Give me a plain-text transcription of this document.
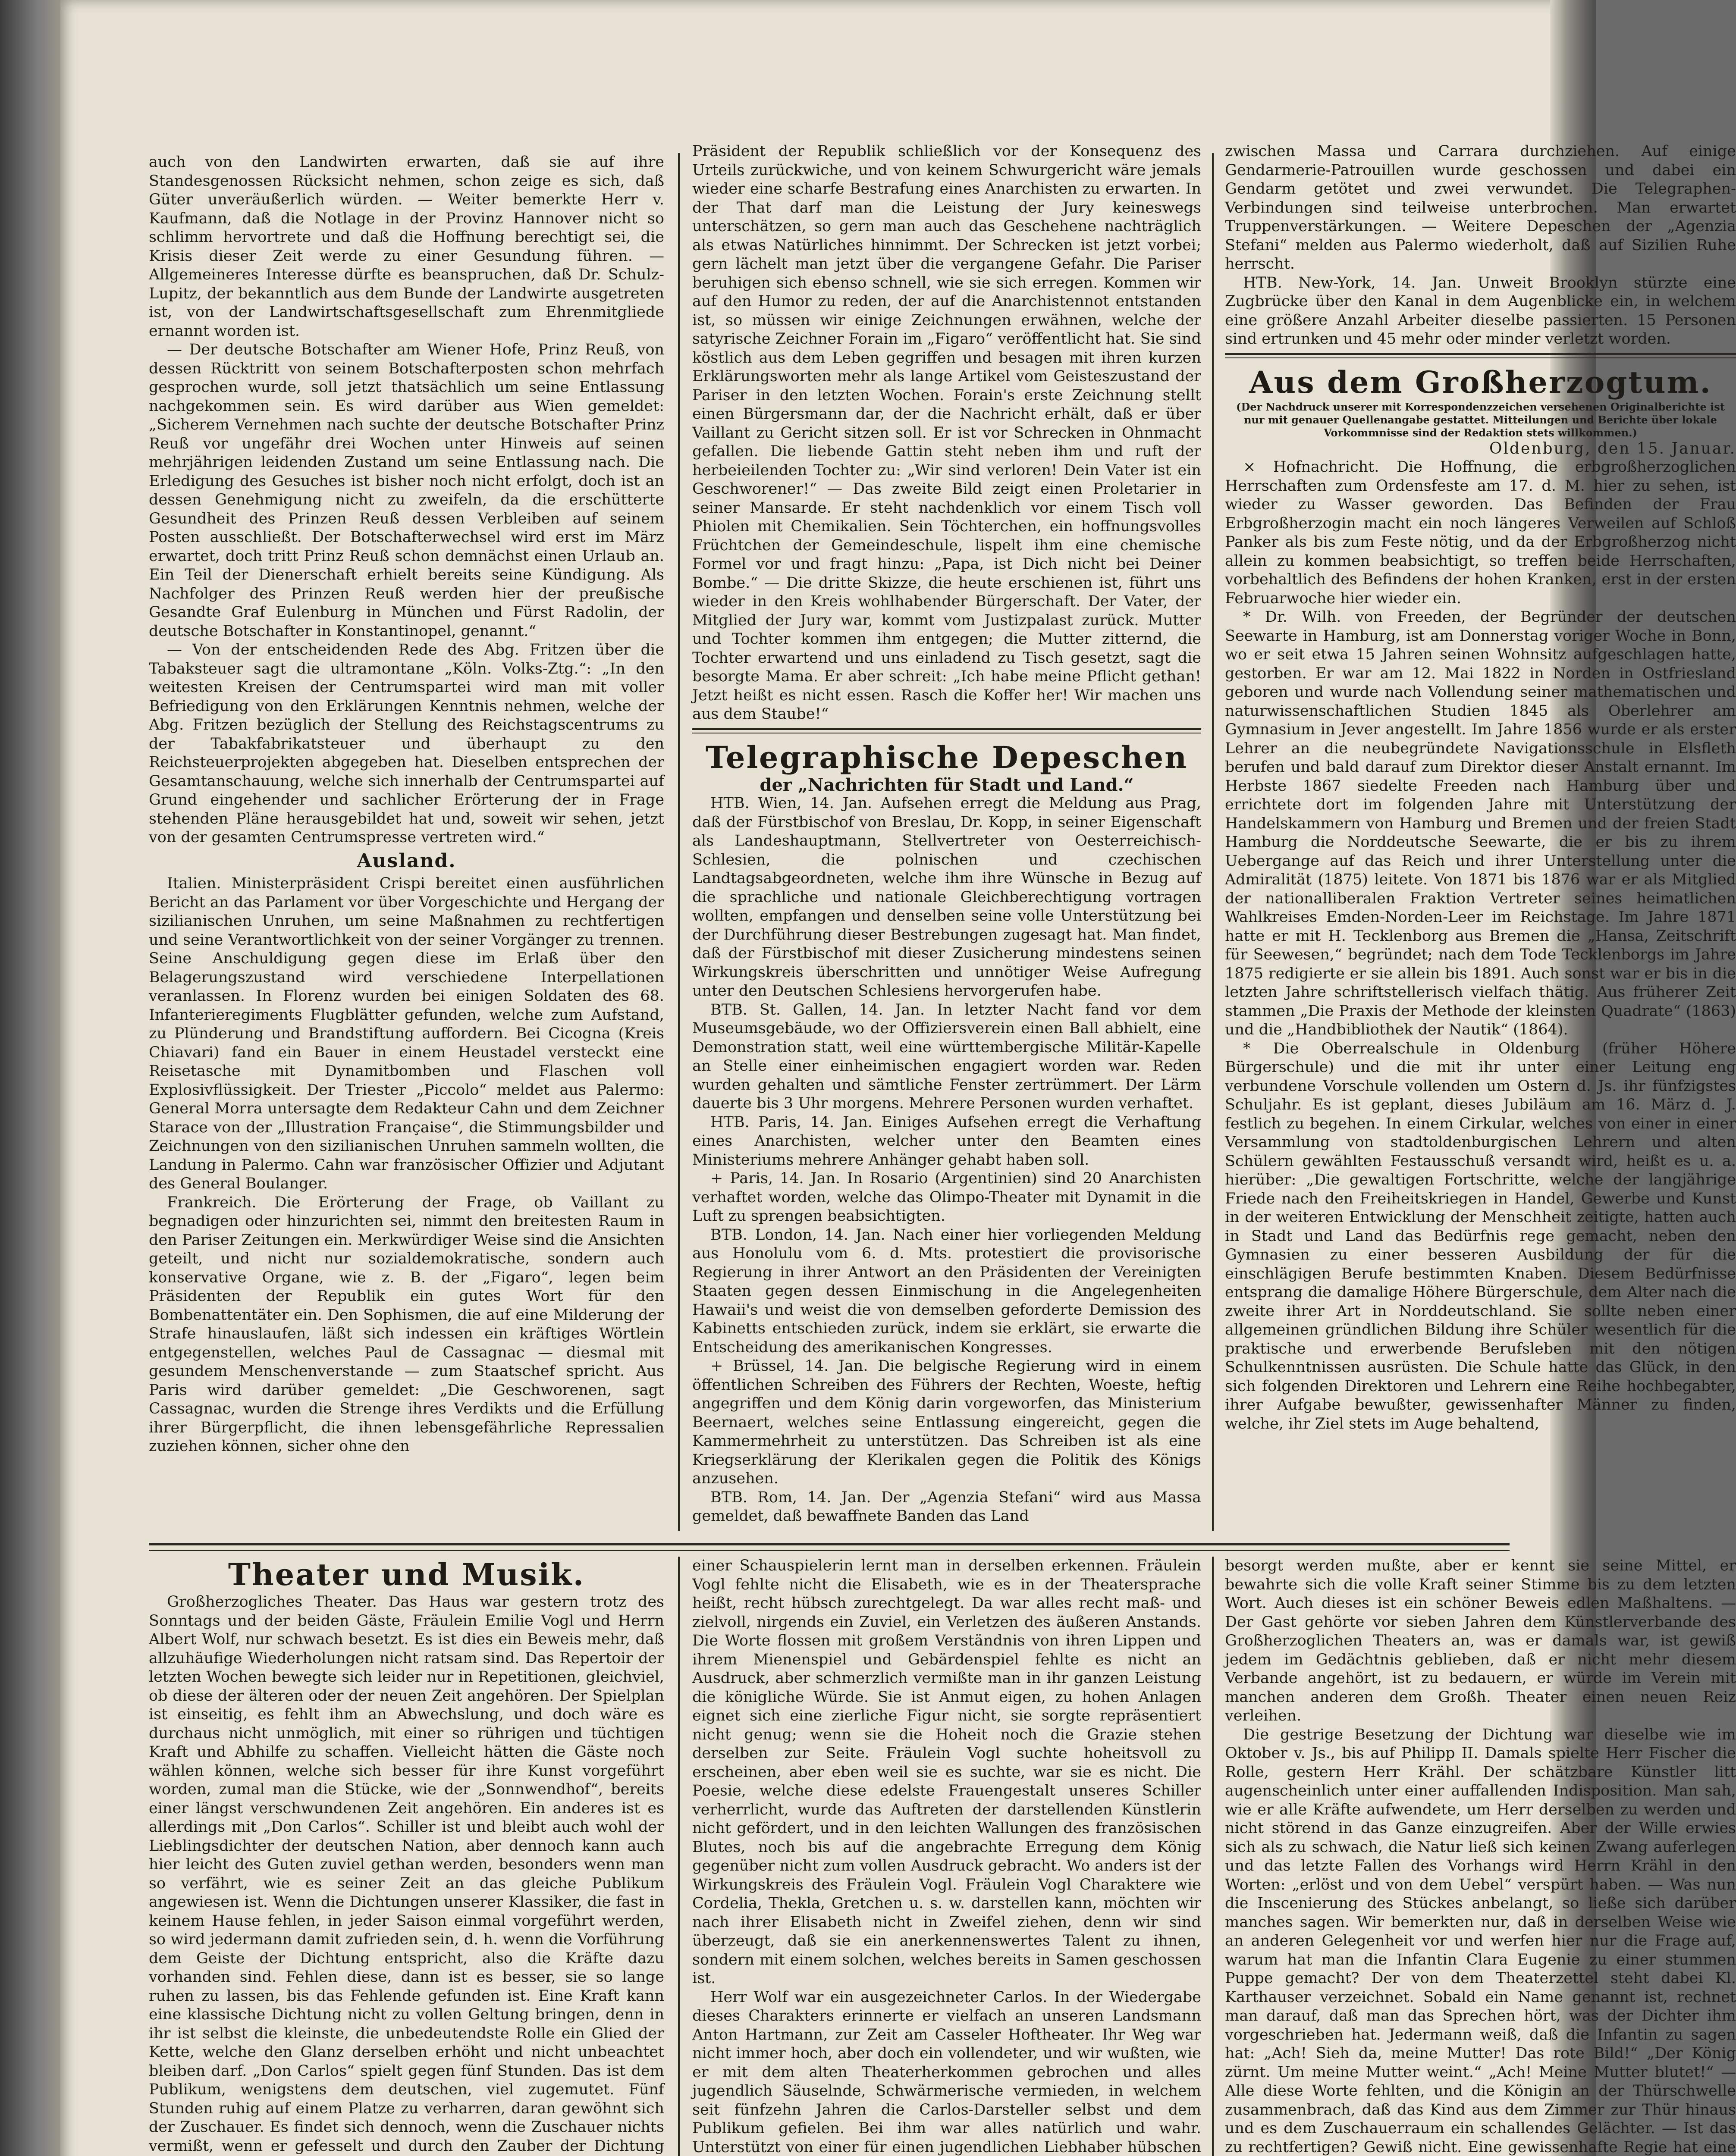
auch von den Landwirten erwarten, daß sie auf ihre Standesgenossen Rücksicht nehmen, schon zeige es sich, daß Güter unveräußerlich würden. — Weiter bemerkte Herr v. Kaufmann, daß die Notlage in der Provinz Hannover nicht so schlimm hervortrete und daß die Hoffnung berechtigt sei, die Krisis dieser Zeit werde zu einer Gesundung führen. — Allgemeineres Interesse dürfte es beanspruchen, daß Dr. Schulz-Lupitz, der bekanntlich aus dem Bunde der Landwirte ausgetreten ist, von der Landwirtschaftsgesellschaft zum Ehrenmitgliede ernannt worden ist.

— Der deutsche Botschafter am Wiener Hofe, Prinz Reuß, von dessen Rücktritt von seinem Botschafterposten schon mehrfach gesprochen wurde, soll jetzt thatsächlich um seine Entlassung nachgekommen sein. Es wird darüber aus Wien gemeldet: „Sicherem Vernehmen nach suchte der deutsche Botschafter Prinz Reuß vor ungefähr drei Wochen unter Hinweis auf seinen mehrjährigen leidenden Zustand um seine Entlassung nach. Die Erledigung des Gesuches ist bisher noch nicht erfolgt, doch ist an dessen Genehmigung nicht zu zweifeln, da die erschütterte Gesundheit des Prinzen Reuß dessen Verbleiben auf seinem Posten ausschließt. Der Botschafterwechsel wird erst im März erwartet, doch tritt Prinz Reuß schon demnächst einen Urlaub an. Ein Teil der Dienerschaft erhielt bereits seine Kündigung. Als Nachfolger des Prinzen Reuß werden hier der preußische Gesandte Graf Eulenburg in München und Fürst Radolin, der deutsche Botschafter in Konstantinopel, genannt.“

— Von der entscheidenden Rede des Abg. Fritzen über die Tabaksteuer sagt die ultramontane „Köln. Volks-Ztg.“: „In den weitesten Kreisen der Centrumspartei wird man mit voller Befriedigung von den Erklärungen Kenntnis nehmen, welche der Abg. Fritzen bezüglich der Stellung des Reichstagscentrums zu der Tabakfabrikatsteuer und überhaupt zu den Reichsteuerprojekten abgegeben hat. Dieselben entsprechen der Gesamtanschauung, welche sich innerhalb der Centrumspartei auf Grund eingehender und sachlicher Erörterung der in Frage stehenden Pläne herausgebildet hat und, soweit wir sehen, jetzt von der gesamten Centrumspresse vertreten wird.“

Ausland.

Italien. Ministerpräsident Crispi bereitet einen ausführlichen Bericht an das Parlament vor über Vorgeschichte und Hergang der sizilianischen Unruhen, um seine Maßnahmen zu rechtfertigen und seine Verantwortlichkeit von der seiner Vorgänger zu trennen. Seine Anschuldigung gegen diese im Erlaß über den Belagerungszustand wird verschiedene Interpellationen veranlassen. In Florenz wurden bei einigen Soldaten des 68. Infanterieregiments Flugblätter gefunden, welche zum Aufstand, zu Plünderung und Brandstiftung auffordern. Bei Cicogna (Kreis Chiavari) fand ein Bauer in einem Heustadel versteckt eine Reisetasche mit Dynamitbomben und Flaschen voll Explosivflüssigkeit. Der Triester „Piccolo“ meldet aus Palermo: General Morra untersagte dem Redakteur Cahn und dem Zeichner Starace von der „Illustration Française“, die Stimmungsbilder und Zeichnungen von den sizilianischen Unruhen sammeln wollten, die Landung in Palermo. Cahn war französischer Offizier und Adjutant des General Boulanger.

Frankreich. Die Erörterung der Frage, ob Vaillant zu begnadigen oder hinzurichten sei, nimmt den breitesten Raum in den Pariser Zeitungen ein. Merkwürdiger Weise sind die Ansichten geteilt, und nicht nur sozialdemokratische, sondern auch konservative Organe, wie z. B. der „Figaro“, legen beim Präsidenten der Republik ein gutes Wort für den Bombenattentäter ein. Den Sophismen, die auf eine Milderung der Strafe hinauslaufen, läßt sich indessen ein kräftiges Wörtlein entgegenstellen, welches Paul de Cassagnac — diesmal mit gesundem Menschenverstande — zum Staatschef spricht. Aus Paris wird darüber gemeldet: „Die Geschworenen, sagt Cassagnac, wurden die Strenge ihres Verdikts und die Erfüllung ihrer Bürgerpflicht, die ihnen lebensgefährliche Repressalien zuziehen können, sicher ohne den

Präsident der Republik schließlich vor der Konsequenz des Urteils zurückwiche, und von keinem Schwurgericht wäre jemals wieder eine scharfe Bestrafung eines Anarchisten zu erwarten. In der That darf man die Leistung der Jury keineswegs unterschätzen, so gern man auch das Geschehene nachträglich als etwas Natürliches hinnimmt. Der Schrecken ist jetzt vorbei; gern lächelt man jetzt über die vergangene Gefahr. Die Pariser beruhigen sich ebenso schnell, wie sie sich erregen. Kommen wir auf den Humor zu reden, der auf die Anarchistennot entstanden ist, so müssen wir einige Zeichnungen erwähnen, welche der satyrische Zeichner Forain im „Figaro“ veröffentlicht hat. Sie sind köstlich aus dem Leben gegriffen und besagen mit ihren kurzen Erklärungsworten mehr als lange Artikel vom Geisteszustand der Pariser in den letzten Wochen. Forain's erste Zeichnung stellt einen Bürgersmann dar, der die Nachricht erhält, daß er über Vaillant zu Gericht sitzen soll. Er ist vor Schrecken in Ohnmacht gefallen. Die liebende Gattin steht neben ihm und ruft der herbeieilenden Tochter zu: „Wir sind verloren! Dein Vater ist ein Geschworener!“ — Das zweite Bild zeigt einen Proletarier in seiner Mansarde. Er steht nachdenklich vor einem Tisch voll Phiolen mit Chemikalien. Sein Töchterchen, ein hoffnungsvolles Früchtchen der Gemeindeschule, lispelt ihm eine chemische Formel vor und fragt hinzu: „Papa, ist Dich nicht bei Deiner Bombe.“ — Die dritte Skizze, die heute erschienen ist, führt uns wieder in den Kreis wohlhabender Bürgerschaft. Der Vater, der Mitglied der Jury war, kommt vom Justizpalast zurück. Mutter und Tochter kommen ihm entgegen; die Mutter zitternd, die Tochter erwartend und uns einladend zu Tisch gesetzt, sagt die besorgte Mama. Er aber schreit: „Ich habe meine Pflicht gethan! Jetzt heißt es nicht essen. Rasch die Koffer her! Wir machen uns aus dem Staube!“

Telegraphische Depeschen
der „Nachrichten für Stadt und Land.“

HTB. Wien, 14. Jan. Aufsehen erregt die Meldung aus Prag, daß der Fürstbischof von Breslau, Dr. Kopp, in seiner Eigenschaft als Landeshauptmann, Stellvertreter von Oesterreichisch-Schlesien, die polnischen und czechischen Landtagsabgeordneten, welche ihm ihre Wünsche in Bezug auf die sprachliche und nationale Gleichberechtigung vortragen wollten, empfangen und denselben seine volle Unterstützung bei der Durchführung dieser Bestrebungen zugesagt hat. Man findet, daß der Fürstbischof mit dieser Zusicherung mindestens seinen Wirkungskreis überschritten und unnötiger Weise Aufregung unter den Deutschen Schlesiens hervorgerufen habe.

BTB. St. Gallen, 14. Jan. In letzter Nacht fand vor dem Museumsgebäude, wo der Offiziersverein einen Ball abhielt, eine Demonstration statt, weil eine württembergische Militär-Kapelle an Stelle einer einheimischen engagiert worden war. Reden wurden gehalten und sämtliche Fenster zertrümmert. Der Lärm dauerte bis 3 Uhr morgens. Mehrere Personen wurden verhaftet.

HTB. Paris, 14. Jan. Einiges Aufsehen erregt die Verhaftung eines Anarchisten, welcher unter den Beamten eines Ministeriums mehrere Anhänger gehabt haben soll.

+ Paris, 14. Jan. In Rosario (Argentinien) sind 20 Anarchisten verhaftet worden, welche das Olimpo-Theater mit Dynamit in die Luft zu sprengen beabsichtigten.

BTB. London, 14. Jan. Nach einer hier vorliegenden Meldung aus Honolulu vom 6. d. Mts. protestiert die provisorische Regierung in ihrer Antwort an den Präsidenten der Vereinigten Staaten gegen dessen Einmischung in die Angelegenheiten Hawaii's und weist die von demselben geforderte Demission des Kabinetts entschieden zurück, indem sie erklärt, sie erwarte die Entscheidung des amerikanischen Kongresses.

+ Brüssel, 14. Jan. Die belgische Regierung wird in einem öffentlichen Schreiben des Führers der Rechten, Woeste, heftig angegriffen und dem König darin vorgeworfen, das Ministerium Beernaert, welches seine Entlassung eingereicht, gegen die Kammermehrheit zu unterstützen. Das Schreiben ist als eine Kriegserklärung der Klerikalen gegen die Politik des Königs anzusehen.

BTB. Rom, 14. Jan. Der „Agenzia Stefani“ wird aus Massa gemeldet, daß bewaffnete Banden das Land

zwischen Massa und Carrara durchziehen. Auf einige Gendarmerie-Patrouillen wurde geschossen und dabei ein Gendarm getötet und zwei verwundet. Die Telegraphen-Verbindungen sind teilweise unterbrochen. Man erwartet Truppenverstärkungen. — Weitere Depeschen der „Agenzia Stefani“ melden aus Palermo wiederholt, daß auf Sizilien Ruhe herrscht.

HTB. New-York, 14. Jan. Unweit Brooklyn stürzte eine Zugbrücke über den Kanal in dem Augenblicke ein, in welchem eine größere Anzahl Arbeiter dieselbe passierten. 15 Personen sind ertrunken und 45 mehr oder minder verletzt worden.

Aus dem Großherzogtum.
(Der Nachdruck unserer mit Korrespondenzzeichen versehenen Originalberichte ist nur mit genauer Quellenangabe gestattet. Mitteilungen und Berichte über lokale Vorkommnisse sind der Redaktion stets willkommen.)
Oldenburg, den 15. Januar.

× Hofnachricht. Die Hoffnung, die erbgroßherzoglichen Herrschaften zum Ordensfeste am 17. d. M. hier zu sehen, ist wieder zu Wasser geworden. Das Befinden der Frau Erbgroßherzogin macht ein noch längeres Verweilen auf Schloß Panker als bis zum Feste nötig, und da der Erbgroßherzog nicht allein zu kommen beabsichtigt, so treffen beide Herrschaften, vorbehaltlich des Befindens der hohen Kranken, erst in der ersten Februarwoche hier wieder ein.

* Dr. Wilh. von Freeden, der Begründer der deutschen Seewarte in Hamburg, ist am Donnerstag voriger Woche in Bonn, wo er seit etwa 15 Jahren seinen Wohnsitz aufgeschlagen hatte, gestorben. Er war am 12. Mai 1822 in Norden in Ostfriesland geboren und wurde nach Vollendung seiner mathematischen und naturwissenschaftlichen Studien 1845 als Oberlehrer am Gymnasium in Jever angestellt. Im Jahre 1856 wurde er als erster Lehrer an die neubegründete Navigationsschule in Elsfleth berufen und bald darauf zum Direktor dieser Anstalt ernannt. Im Herbste 1867 siedelte Freeden nach Hamburg über und errichtete dort im folgenden Jahre mit Unterstützung der Handelskammern von Hamburg und Bremen und der freien Stadt Hamburg die Norddeutsche Seewarte, die er bis zu ihrem Uebergange auf das Reich und ihrer Unterstellung unter die Admiralität (1875) leitete. Von 1871 bis 1876 war er als Mitglied der nationalliberalen Fraktion Vertreter seines heimatlichen Wahlkreises Emden-Norden-Leer im Reichstage. Im Jahre 1871 hatte er mit H. Tecklenborg aus Bremen die „Hansa, Zeitschrift für Seewesen,“ begründet; nach dem Tode Tecklenborgs im Jahre 1875 redigierte er sie allein bis 1891. Auch sonst war er bis in die letzten Jahre schriftstellerisch vielfach thätig. Aus früherer Zeit stammen „Die Praxis der Methode der kleinsten Quadrate“ (1863) und die „Handbibliothek der Nautik“ (1864).

* Die Oberrealschule in Oldenburg (früher Höhere Bürgerschule) und die mit ihr unter einer Leitung eng verbundene Vorschule vollenden um Ostern d. Js. ihr fünfzigstes Schuljahr. Es ist geplant, dieses Jubiläum am 16. März d. J. festlich zu begehen. In einem Cirkular, welches von einer in einer Versammlung von stadtoldenburgischen Lehrern und alten Schülern gewählten Festausschuß versandt wird, heißt es u. a. hierüber: „Die gewaltigen Fortschritte, welche der langjährige Friede nach den Freiheitskriegen in Handel, Gewerbe und Kunst in der weiteren Entwicklung der Menschheit zeitigte, hatten auch in Stadt und Land das Bedürfnis rege gemacht, neben den Gymnasien zu einer besseren Ausbildung der für die einschlägigen Berufe bestimmten Knaben. Diesem Bedürfnisse entsprang die damalige Höhere Bürgerschule, dem Alter nach die zweite ihrer Art in Norddeutschland. Sie sollte neben einer allgemeinen gründlichen Bildung ihre Schüler wesentlich für die praktische und erwerbende Berufsleben mit den nötigen Schulkenntnissen ausrüsten. Die Schule hatte das Glück, in den sich folgenden Direktoren und Lehrern eine Reihe hochbegabter, ihrer Aufgabe bewußter, gewissenhafter Männer zu finden, welche, ihr Ziel stets im Auge behaltend,

Theater und Musik.

Großherzogliches Theater. Das Haus war gestern trotz des Sonntags und der beiden Gäste, Fräulein Emilie Vogl und Herrn Albert Wolf, nur schwach besetzt. Es ist dies ein Beweis mehr, daß allzuhäufige Wiederholungen nicht ratsam sind. Das Repertoir der letzten Wochen bewegte sich leider nur in Repetitionen, gleichviel, ob diese der älteren oder der neuen Zeit angehören. Der Spielplan ist einseitig, es fehlt ihm an Abwechslung, und doch wäre es durchaus nicht unmöglich, mit einer so rührigen und tüchtigen Kraft und Abhilfe zu schaffen. Vielleicht hätten die Gäste noch wählen können, welche sich besser für ihre Kunst vorgeführt worden, zumal man die Stücke, wie der „Sonnwendhof“, bereits einer längst verschwundenen Zeit angehören. Ein anderes ist es allerdings mit „Don Carlos“. Schiller ist und bleibt auch wohl der Lieblingsdichter der deutschen Nation, aber dennoch kann auch hier leicht des Guten zuviel gethan werden, besonders wenn man so verfährt, wie es seiner Zeit an das gleiche Publikum angewiesen ist. Wenn die Dichtungen unserer Klassiker, die fast in keinem Hause fehlen, in jeder Saison einmal vorgeführt werden, so wird jedermann damit zufrieden sein, d. h. wenn die Vorführung dem Geiste der Dichtung entspricht, also die Kräfte dazu vorhanden sind. Fehlen diese, dann ist es besser, sie so lange ruhen zu lassen, bis das Fehlende gefunden ist. Eine Kraft kann eine klassische Dichtung nicht zu vollen Geltung bringen, denn in ihr ist selbst die kleinste, die unbedeutendste Rolle ein Glied der Kette, welche den Glanz derselben erhöht und nicht unbeachtet bleiben darf. „Don Carlos“ spielt gegen fünf Stunden. Das ist dem Publikum, wenigstens dem deutschen, viel zugemutet. Fünf Stunden ruhig auf einem Platze zu verharren, daran gewöhnt sich der Zuschauer. Es findet sich dennoch, wenn die Zuschauer nichts vermißt, wenn er gefesselt und durch den Zauber der Dichtung

einer Schauspielerin lernt man in derselben erkennen. Fräulein Vogl fehlte nicht die Elisabeth, wie es in der Theatersprache heißt, recht hübsch zurechtgelegt. Da war alles recht maß- und zielvoll, nirgends ein Zuviel, ein Verletzen des äußeren Anstands. Die Worte flossen mit großem Verständnis von ihren Lippen und ihrem Mienenspiel und Gebärdenspiel fehlte es nicht an Ausdruck, aber schmerzlich vermißte man in ihr ganzen Leistung die königliche Würde. Sie ist Anmut eigen, zu hohen Anlagen eignet sich eine zierliche Figur nicht, sie sorgte repräsentiert nicht genug; wenn sie die Hoheit noch die Grazie stehen derselben zur Seite. Fräulein Vogl suchte hoheitsvoll zu erscheinen, aber eben weil sie es suchte, war sie es nicht. Die Poesie, welche diese edelste Frauengestalt unseres Schiller verherrlicht, wurde das Auftreten der darstellenden Künstlerin nicht gefördert, und in den leichten Wallungen des französischen Blutes, noch bis auf die angebrachte Erregung dem König gegenüber nicht zum vollen Ausdruck gebracht. Wo anders ist der Wirkungskreis des Fräulein Vogl. Fräulein Vogl Charaktere wie Cordelia, Thekla, Gretchen u. s. w. darstellen kann, möchten wir nach ihrer Elisabeth nicht in Zweifel ziehen, denn wir sind überzeugt, daß sie ein anerkennenswertes Talent zu ihnen, sondern mit einem solchen, welches bereits in Samen geschossen ist.

Herr Wolf war ein ausgezeichneter Carlos. In der Wiedergabe dieses Charakters erinnerte er vielfach an unseren Landsmann Anton Hartmann, zur Zeit am Casseler Hoftheater. Ihr Weg war nicht immer hoch, aber doch ein vollendeter, und wir wußten, wie er mit dem alten Theaterherkommen gebrochen und alles jugendlich Säuselnde, Schwärmerische vermieden, in welchem seit fünfzehn Jahren die Carlos-Darsteller selbst und dem Publikum gefielen. Bei ihm war alles natürlich und wahr. Unterstützt von einer für einen jugendlichen Liebhaber hübschen

besorgt werden mußte, aber er kennt sie seine Mittel, er bewahrte sich die volle Kraft seiner Stimme bis zu dem letzten Wort. Auch dieses ist ein schöner Beweis edlen Maßhaltens. — Der Gast gehörte vor sieben Jahren dem Künstlerverbande des Großherzoglichen Theaters an, was er damals war, ist gewiß jedem im Gedächtnis geblieben, daß er nicht mehr diesem Verbande angehört, ist zu bedauern, er würde im Verein mit manchen anderen dem Großh. Theater einen neuen Reiz verleihen.

Die gestrige Besetzung der Dichtung war dieselbe wie im Oktober v. Js., bis auf Philipp II. Damals spielte Herr Fischer die Rolle, gestern Herr Krähl. Der schätzbare Künstler litt augenscheinlich unter einer auffallenden Indisposition. Man sah, wie er alle Kräfte aufwendete, um Herr derselben zu werden und nicht störend in das Ganze einzugreifen. Aber der Wille erwies sich als zu schwach, die Natur ließ sich keinen Zwang auferlegen und das letzte Fallen des Vorhangs wird Herrn Krähl in den Worten: „erlöst und von dem Uebel“ verspürt haben. — Was nun die Inscenierung des Stückes anbelangt, so ließe sich darüber manches sagen. Wir bemerkten nur, daß in derselben Weise wie an anderen Gelegenheit vor und werfen hier nur die Frage auf, warum hat man die Infantin Clara Eugenie zu einer stummen Puppe gemacht? Der von dem Theaterzettel steht dabei Kl. Karthauser verzeichnet. Sobald ein Name genannt ist, rechnet man darauf, daß man das Sprechen hört, was der Dichter ihm vorgeschrieben hat. Jedermann weiß, daß die Infantin zu sagen hat: „Ach! Sieh da, meine Mutter! Das rote Bild!“ „Der König zürnt. Um meine Mutter weint.“ „Ach! Meine Mutter blutet!“ — Alle diese Worte fehlten, und die Königin an der Thürschwelle zusammenbrach, daß das Kind aus dem Zimmer zur Thür hinaus und es dem Zuschauerraum ein schallendes Gelächter. — Ist das zu rechtfertigen? Gewiß nicht. Eine gewissenhafte Regie hat eine
